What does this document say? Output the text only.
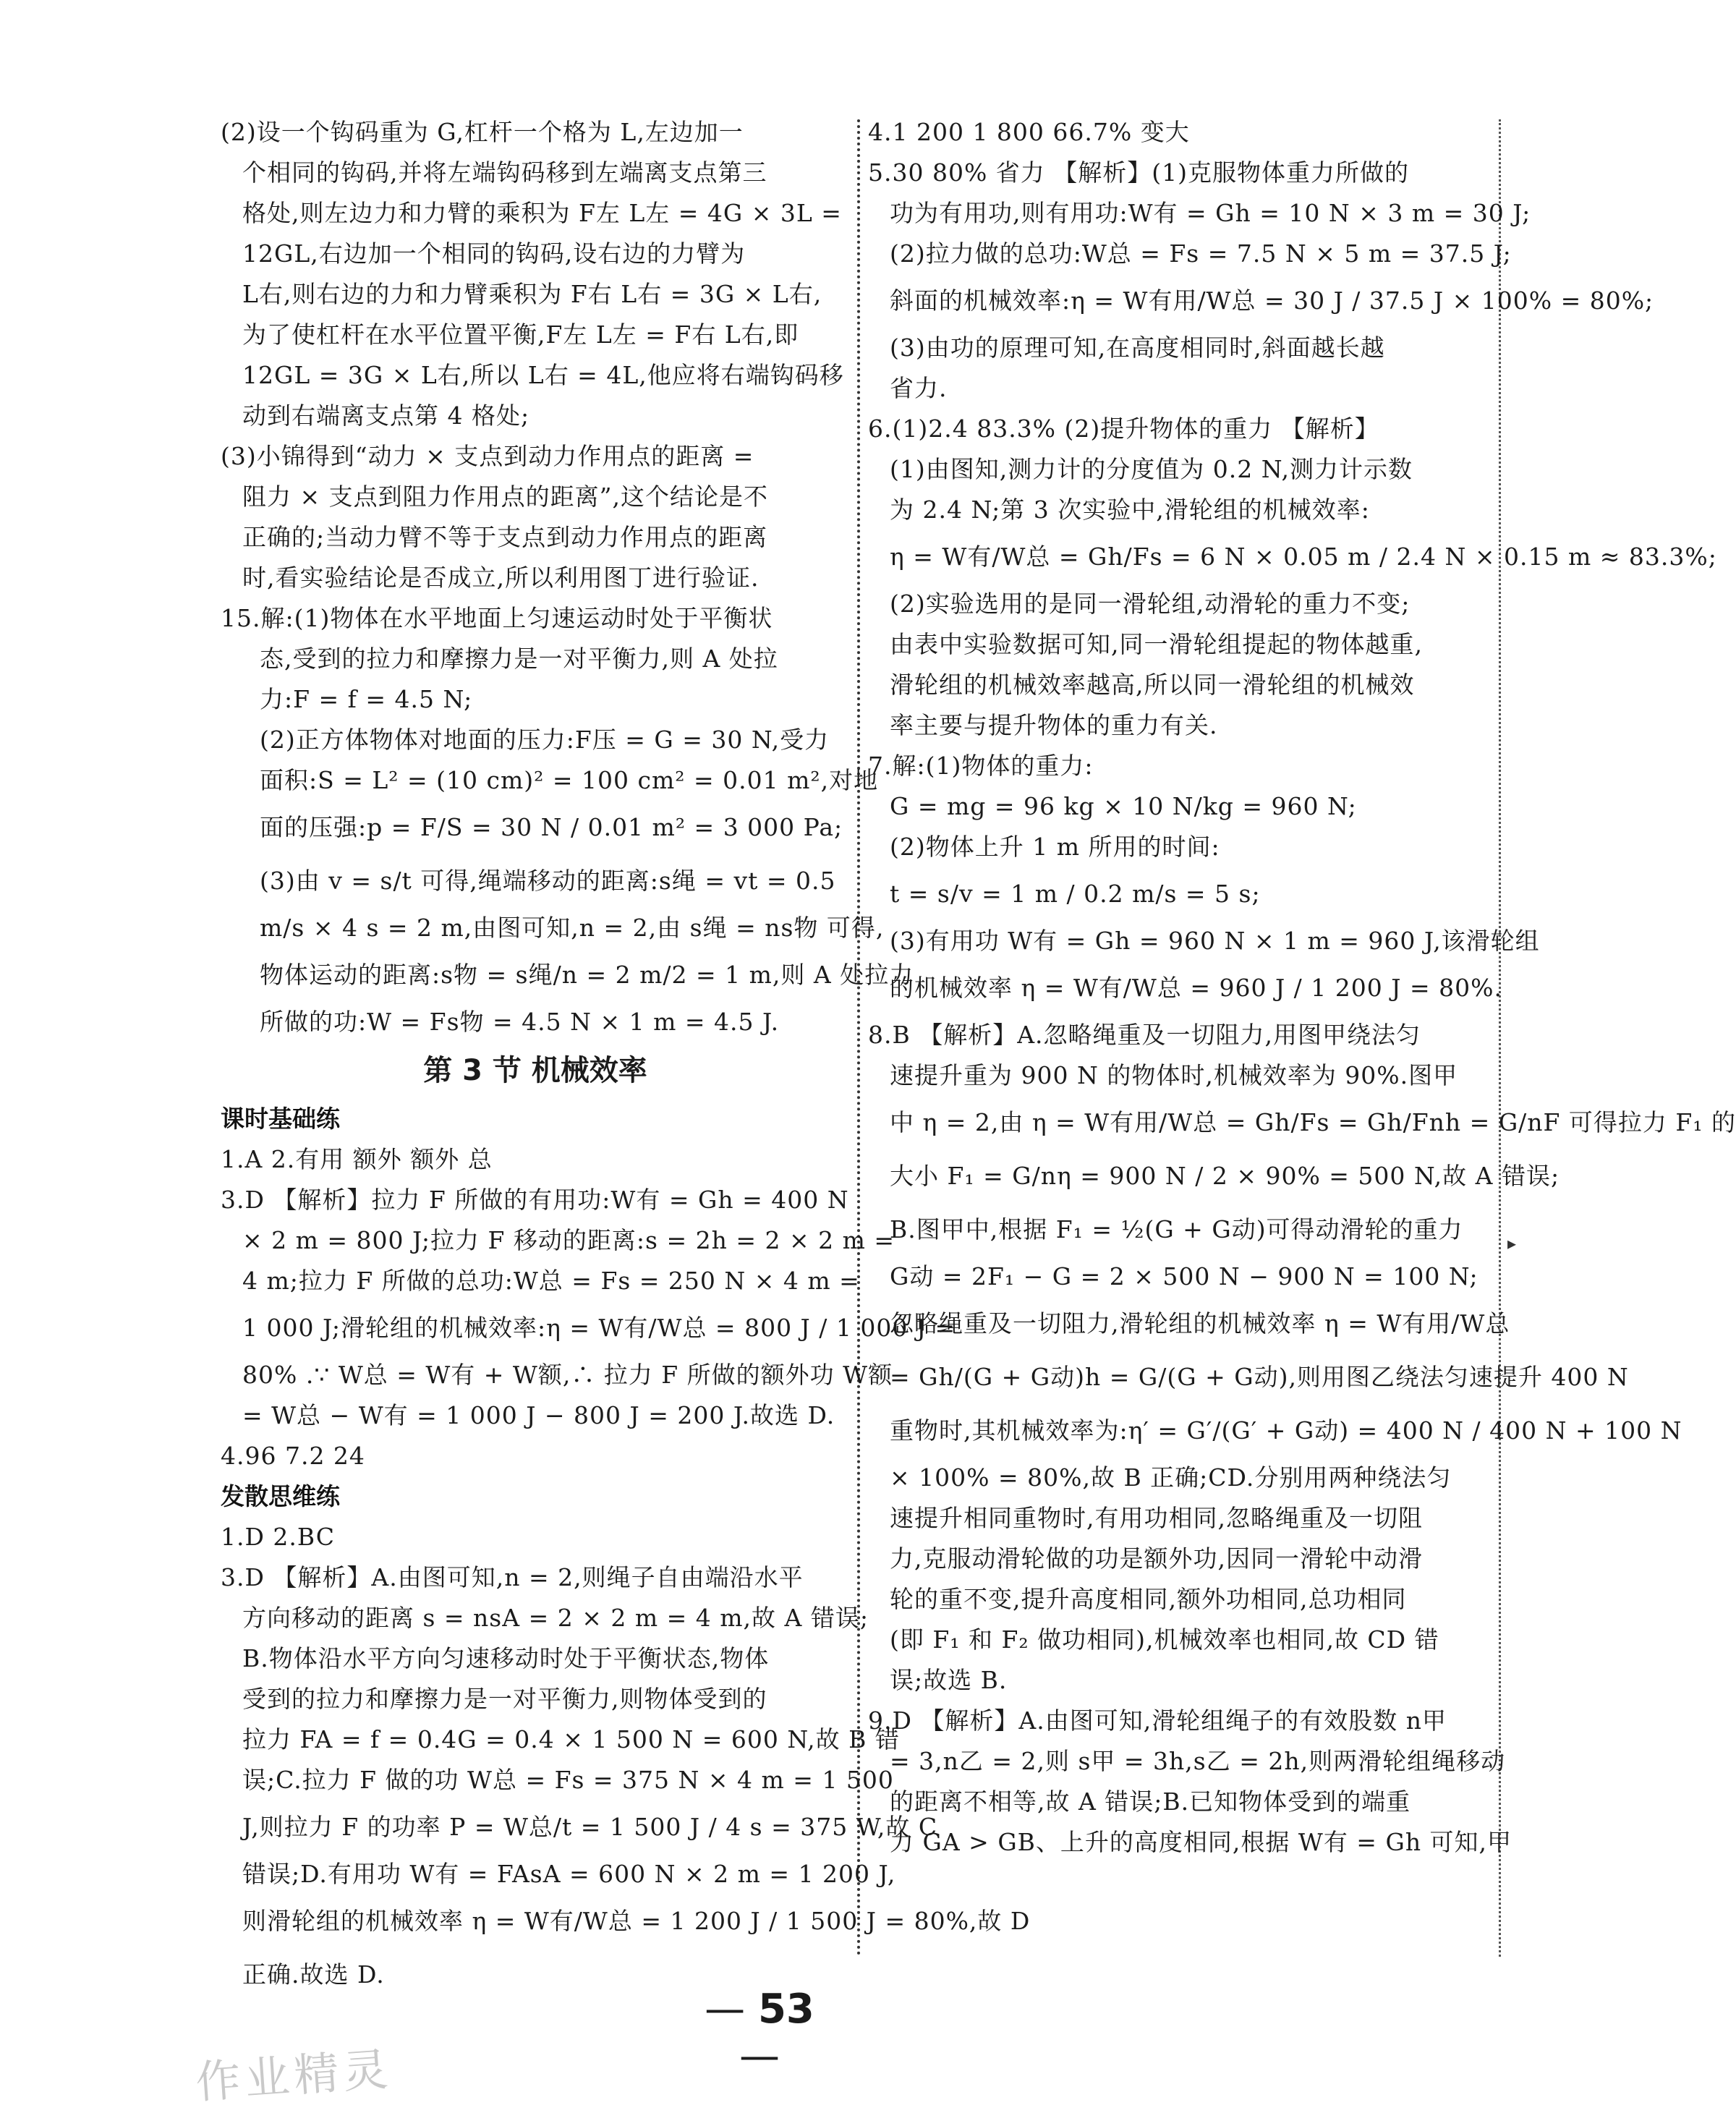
(2)设一个钩码重为 G,杠杆一个格为 L,左边加一
个相同的钩码,并将左端钩码移到左端离支点第三
格处,则左边力和力臂的乘积为 F左 L左 = 4G × 3L =
12GL,右边加一个相同的钩码,设右边的力臂为
L右,则右边的力和力臂乘积为 F右 L右 = 3G × L右,
为了使杠杆在水平位置平衡,F左 L左 = F右 L右,即
12GL = 3G × L右,所以 L右 = 4L,他应将右端钩码移
动到右端离支点第 4 格处;
(3)小锦得到“动力 × 支点到动力作用点的距离 =
阻力 × 支点到阻力作用点的距离”,这个结论是不
正确的;当动力臂不等于支点到动力作用点的距离
时,看实验结论是否成立,所以利用图丁进行验证.
15.解:(1)物体在水平地面上匀速运动时处于平衡状
态,受到的拉力和摩擦力是一对平衡力,则 A 处拉
力:F = f = 4.5 N;
(2)正方体物体对地面的压力:F压 = G = 30 N,受力
面积:S = L² = (10 cm)² = 100 cm² = 0.01 m²,对地
面的压强:p = F/S = 30 N / 0.01 m² = 3 000 Pa;
(3)由 v = s/t 可得,绳端移动的距离:s绳 = vt = 0.5
m/s × 4 s = 2 m,由图可知,n = 2,由 s绳 = ns物 可得,
物体运动的距离:s物 = s绳/n = 2 m/2 = 1 m,则 A 处拉力
所做的功:W = Fs物 = 4.5 N × 1 m = 4.5 J.
第 3 节 机械效率
课时基础练
1.A 2.有用 额外 额外 总
3.D 【解析】拉力 F 所做的有用功:W有 = Gh = 400 N
× 2 m = 800 J;拉力 F 移动的距离:s = 2h = 2 × 2 m =
4 m;拉力 F 所做的总功:W总 = Fs = 250 N × 4 m =
1 000 J;滑轮组的机械效率:η = W有/W总 = 800 J / 1 000 J =
80% .∵ W总 = W有 + W额,∴ 拉力 F 所做的额外功 W额
= W总 − W有 = 1 000 J − 800 J = 200 J.故选 D.
4.96 7.2 24
发散思维练
1.D 2.BC
3.D 【解析】A.由图可知,n = 2,则绳子自由端沿水平
方向移动的距离 s = nsA = 2 × 2 m = 4 m,故 A 错误;
B.物体沿水平方向匀速移动时处于平衡状态,物体
受到的拉力和摩擦力是一对平衡力,则物体受到的
拉力 FA = f = 0.4G = 0.4 × 1 500 N = 600 N,故 B 错
误;C.拉力 F 做的功 W总 = Fs = 375 N × 4 m = 1 500
J,则拉力 F 的功率 P = W总/t = 1 500 J / 4 s = 375 W,故 C
错误;D.有用功 W有 = FAsA = 600 N × 2 m = 1 200 J,
则滑轮组的机械效率 η = W有/W总 = 1 200 J / 1 500 J = 80%,故 D
正确.故选 D.
4.1 200 1 800 66.7% 变大
5.30 80% 省力 【解析】(1)克服物体重力所做的
功为有用功,则有用功:W有 = Gh = 10 N × 3 m = 30 J;
(2)拉力做的总功:W总 = Fs = 7.5 N × 5 m = 37.5 J;
斜面的机械效率:η = W有用/W总 = 30 J / 37.5 J × 100% = 80%;
(3)由功的原理可知,在高度相同时,斜面越长越
省力.
6.(1)2.4 83.3% (2)提升物体的重力 【解析】
(1)由图知,测力计的分度值为 0.2 N,测力计示数
为 2.4 N;第 3 次实验中,滑轮组的机械效率:
η = W有/W总 = Gh/Fs = 6 N × 0.05 m / 2.4 N × 0.15 m ≈ 83.3%;
(2)实验选用的是同一滑轮组,动滑轮的重力不变;
由表中实验数据可知,同一滑轮组提起的物体越重,
滑轮组的机械效率越高,所以同一滑轮组的机械效
率主要与提升物体的重力有关.
7.解:(1)物体的重力:
G = mg = 96 kg × 10 N/kg = 960 N;
(2)物体上升 1 m 所用的时间:
t = s/v = 1 m / 0.2 m/s = 5 s;
(3)有用功 W有 = Gh = 960 N × 1 m = 960 J,该滑轮组
的机械效率 η = W有/W总 = 960 J / 1 200 J = 80%.
8.B 【解析】A.忽略绳重及一切阻力,用图甲绕法匀
速提升重为 900 N 的物体时,机械效率为 90%.图甲
中 η = 2,由 η = W有用/W总 = Gh/Fs = Gh/Fnh = G/nF 可得拉力 F₁ 的
大小 F₁ = G/nη = 900 N / 2 × 90% = 500 N,故 A 错误;
B.图甲中,根据 F₁ = ½(G + G动)可得动滑轮的重力
G动 = 2F₁ − G = 2 × 500 N − 900 N = 100 N;
忽略绳重及一切阻力,滑轮组的机械效率 η = W有用/W总
= Gh/(G + G动)h = G/(G + G动),则用图乙绕法匀速提升 400 N
重物时,其机械效率为:η′ = G′/(G′ + G动) = 400 N / 400 N + 100 N
× 100% = 80%,故 B 正确;CD.分别用两种绕法匀
速提升相同重物时,有用功相同,忽略绳重及一切阻
力,克服动滑轮做的功是额外功,因同一滑轮中动滑
轮的重不变,提升高度相同,额外功相同,总功相同
(即 F₁ 和 F₂ 做功相同),机械效率也相同,故 CD 错
误;故选 B.
9.D 【解析】A.由图可知,滑轮组绳子的有效股数 n甲
= 3,n乙 = 2,则 s甲 = 3h,s乙 = 2h,则两滑轮组绳移动
的距离不相等,故 A 错误;B.已知物体受到的端重
力 GA > GB、上升的高度相同,根据 W有 = Gh 可知,甲
— 53 —
作业精灵
▸
